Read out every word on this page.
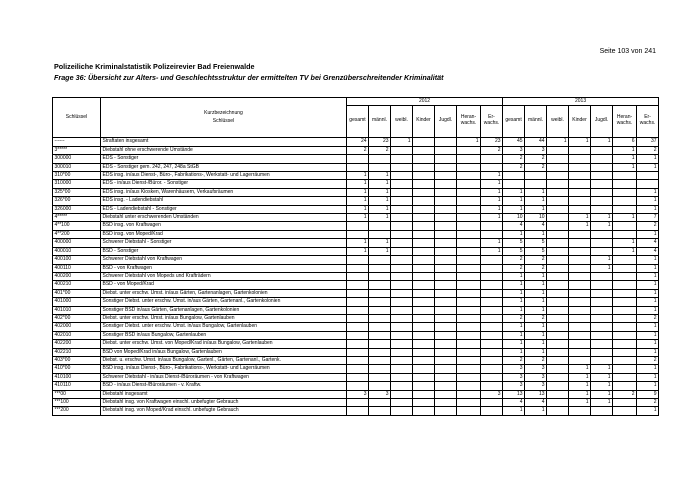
Seite 103 von 241
Polizeiliche Kriminalstatistik Polizeirevier Bad Freienwalde
Frage 36: Übersicht zur Alters- und Geschlechtsstruktur der ermittelten TV bei Grenzüberschreitender Kriminalität
Schlüssel	Kurzbezeichnung
Schlüssel	2012							2013						
		gesamt	männl.	weibl.	Kinder	Jugdl.	Heran-
wachs.	Er-
wachs.	gesamt	männl.	weibl.	Kinder	Jugdl.	Heran-
wachs.	Er-
wachs.
------	Straftaten insgesamt	24	23	1			1	23	45	44	1	1	1	6	37
3*****	Diebstahl ohne erschwerende Umstände	2	2					2	3	3				1	2
300000	EDS - Sonstiger								2	2				1	1
300010	EDS - Sonstiger gem. 242, 247, 248a StGB								2	2				1	1
310*00	EDS insg. in/aus Dienst-, Büro-, Fabrikations-, Werkstatt- und Lagerräumen	1	1					1							
310000	EDS - in/aus Dienst-/Büror. - Sonstiger	1	1					1							
325*00	EDS insg. in/aus Kiosken, Warenhäusern, Verkaufsräumen	1	1					1	1	1					1
326*00	EDS insg. - Ladendiebstahl	1	1					1	1	1					1
326000	EDS - Ladendiebstahl - Sonstiger	1	1					1	1	1					1
4*****	Diebstahl unter erschwerenden Umständen	1	1					1	10	10		1	1	1	7
4**100	BSD insg. von Kraftwagen								4	4		1	1		2
4**200	BSD insg. von Moped/Krad								1	1					1
400000	Schwerer Diebstahl - Sonstiger	1	1					1	5	5				1	4
400010	BSD - Sonstiger	1	1					1	5	5				1	4
400100	Schwerer Diebstahl von Kraftwagen								2	2			1		1
400110	BSD - von Kraftwagen								2	2			1		1
400200	Schwerer Diebstahl von Mopeds und Krafträdern								1	1					1
400210	BSD - von Moped/Krad								1	1					1
401*00	Diebst. unter erschw. Umst. in/aus Gärten, Gartenanlagen, Gartenkolonien								1	1					1
401000	Sonstiger Diebst. unter erschw. Umst. in/aus Gärten, Gartenanl., Gartenkolonien								1	1					1
401010	Sonstiger BSD in/aus Gärten, Gartenanlagen, Gartenkolonien								1	1					1
402*00	Diebst. unter erschw. Umst. in/aus Bungalow, Gartenlauben								2	2					2
402000	Sonstiger Diebst. unter erschw. Umst. in/aus Bungalow, Gartenlauben								1	1					1
402010	Sonstiger BSD in/aus Bungalow, Gartenlauben								1	1					1
402200	Diebst. unter erschw. Umst. von Moped/Krad in/aus Bungalow, Gartenlauben								1	1					1
402210	BSD von Moped/Krad in/aus Bungalow, Gartenlauben								1	1					1
403*00	Diebst. u. erschw. Umst. in/aus Bungalow, Gartenl., Gärten, Gartenanl., Gartenk.								2	2					2
410*00	BSD insg. in/aus Dienst-, Büro-, Fabrikations-, Werkstatt- und Lagerräumen								3	3		1	1		1
410100	Schwerer Diebstahl - in/aus Dienst-/Büroräumen - von Kraftwagen								3	3		1	1		1
410110	BSD - in/aus Dienst-/Büroräumen - v. Kraftw.								3	3		1	1		1
***00	Diebstahl insgesamt	3	3					3	13	13		1	1	2	9
***100	Diebstahl insg. von Kraftwagen einschl. unbefugter Gebrauch								4	4		1	1		2
***200	Diebstahl insg. von Moped/Krad einschl. unbefugte Gebrauch								1	1					1
